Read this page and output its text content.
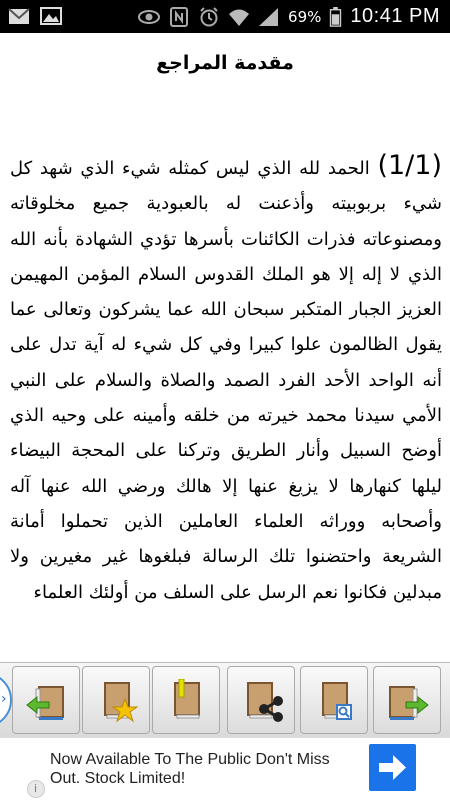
69% 10:41 PM
مقدمة المراجع
(1/1) الحمد لله الذي ليس كمثله شيء الذي شهد كل شيء بربوبيته وأذعنت له بالعبودية جميع مخلوقاته ومصنوعاته فذرات الكائنات بأسرها تؤدي الشهادة بأنه الله الذي لا إله إلا هو الملك القدوس السلام المؤمن المهيمن العزيز الجبار المتكبر سبحان الله عما يشركون وتعالى عما يقول الظالمون علوا كبيرا وفي كل شيء له آية تدل على أنه الواحد الأحد الفرد الصمد والصلاة والسلام على النبي الأمي سيدنا محمد خيرته من خلقه وأمينه على وحيه الذي أوضح السبيل وأنار الطريق وتركنا على المحجة البيضاء ليلها كنهارها لا يزيغ عنها إلا هالك ورضي الله عنها آله وأصحابه ووراثه العلماء العاملين الذين تحملوا أمانة الشريعة واحتضنوا تلك الرسالة فبلغوها غير مغيرين ولا مبدلين فكانوا نعم الرسل على السلف من أولئك العلماء
›
Now Available To The Public Don't Miss Out. Stock Limited!
i
